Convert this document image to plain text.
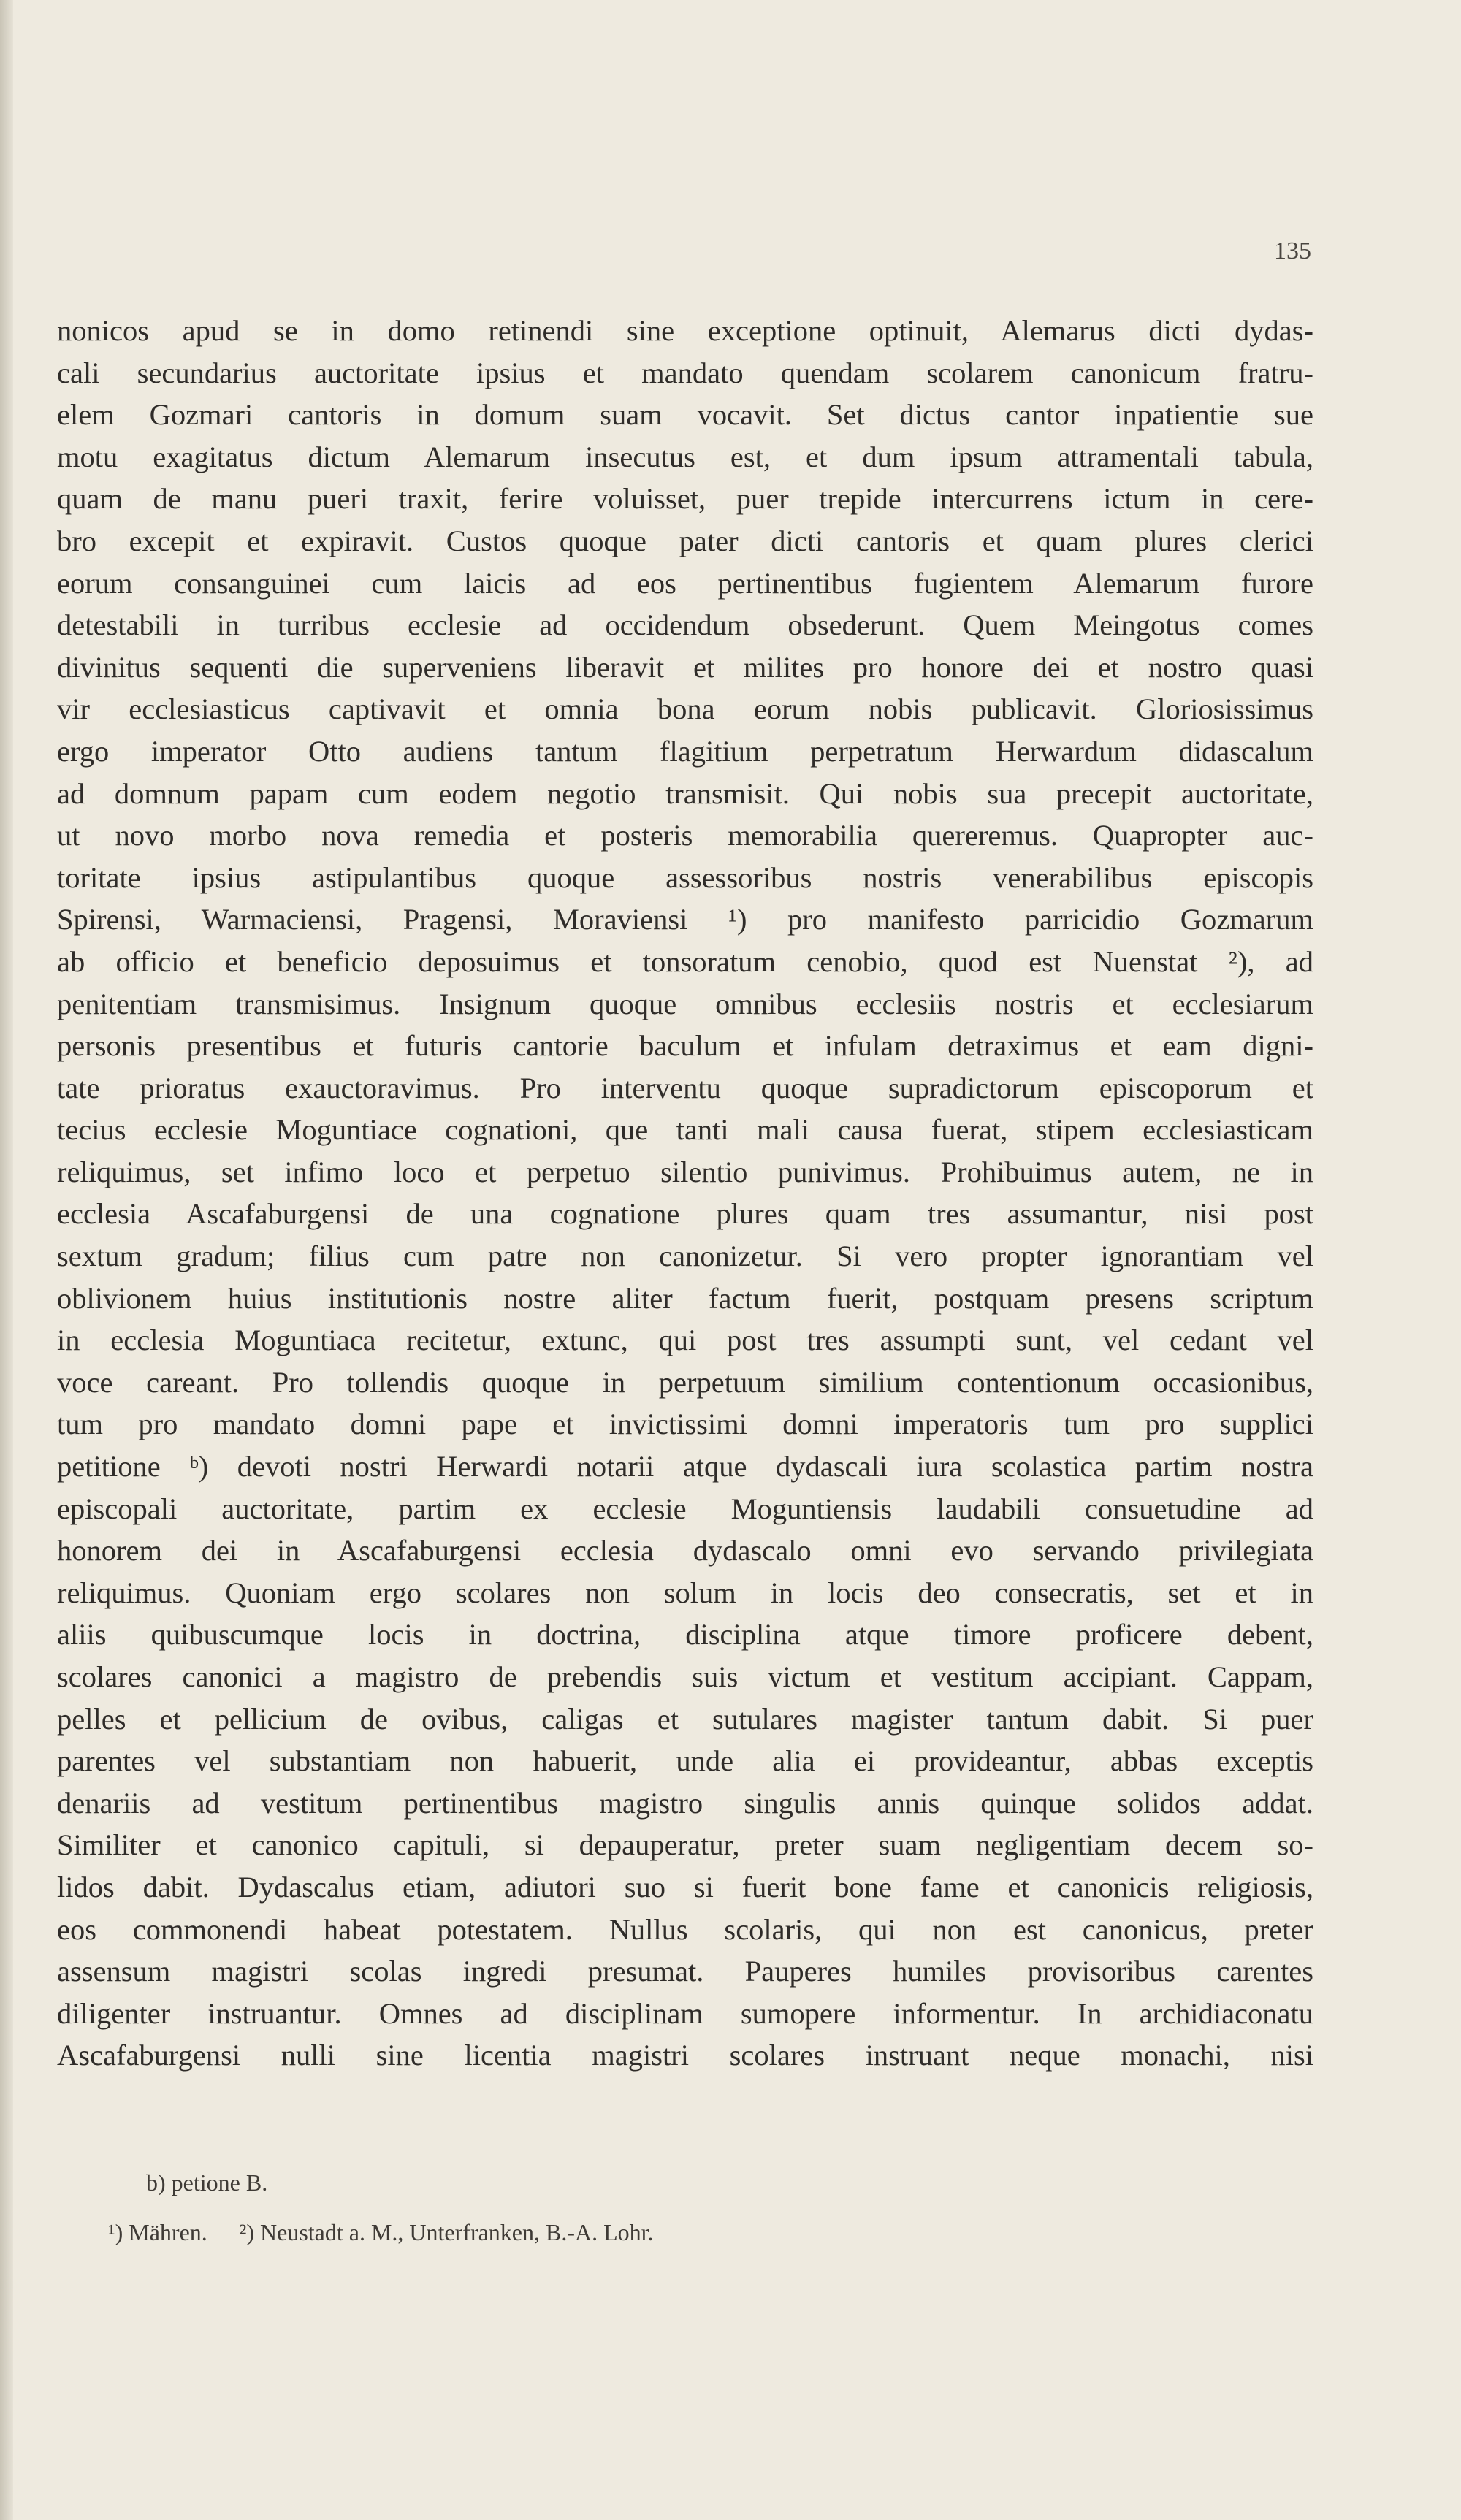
135
nonicos apud se in domo retinendi sine exceptione optinuit, Alemarus dicti dydas-
cali secundarius auctoritate ipsius et mandato quendam scolarem canonicum fratru-
elem Gozmari cantoris in domum suam vocavit. Set dictus cantor inpatientie sue
motu exagitatus dictum Alemarum insecutus est, et dum ipsum attramentali tabula,
quam de manu pueri traxit, ferire voluisset, puer trepide intercurrens ictum in cere-
bro excepit et expiravit. Custos quoque pater dicti cantoris et quam plures clerici
eorum consanguinei cum laicis ad eos pertinentibus fugientem Alemarum furore
detestabili in turribus ecclesie ad occidendum obsederunt. Quem Meingotus comes
divinitus sequenti die superveniens liberavit et milites pro honore dei et nostro quasi
vir ecclesiasticus captivavit et omnia bona eorum nobis publicavit. Gloriosissimus
ergo imperator Otto audiens tantum flagitium perpetratum Herwardum didascalum
ad domnum papam cum eodem negotio transmisit. Qui nobis sua precepit auctoritate,
ut novo morbo nova remedia et posteris memorabilia quereremus. Quapropter auc-
toritate ipsius astipulantibus quoque assessoribus nostris venerabilibus episcopis
Spirensi, Warmaciensi, Pragensi, Moraviensi ¹) pro manifesto parricidio Gozmarum
ab officio et beneficio deposuimus et tonsoratum cenobio, quod est Nuenstat ²), ad
penitentiam transmisimus. Insignum quoque omnibus ecclesiis nostris et ecclesiarum
personis presentibus et futuris cantorie baculum et infulam detraximus et eam digni-
tate prioratus exauctoravimus. Pro interventu quoque supradictorum episcoporum et
tecius ecclesie Moguntiace cognationi, que tanti mali causa fuerat, stipem ecclesiasticam
reliquimus, set infimo loco et perpetuo silentio punivimus. Prohibuimus autem, ne in
ecclesia Ascafaburgensi de una cognatione plures quam tres assumantur, nisi post
sextum gradum; filius cum patre non canonizetur. Si vero propter ignorantiam vel
oblivionem huius institutionis nostre aliter factum fuerit, postquam presens scriptum
in ecclesia Moguntiaca recitetur, extunc, qui post tres assumpti sunt, vel cedant vel
voce careant. Pro tollendis quoque in perpetuum similium contentionum occasionibus,
tum pro mandato domni pape et invictissimi domni imperatoris tum pro supplici
petitione ᵇ) devoti nostri Herwardi notarii atque dydascali iura scolastica partim nostra
episcopali auctoritate, partim ex ecclesie Moguntiensis laudabili consuetudine ad
honorem dei in Ascafaburgensi ecclesia dydascalo omni evo servando privilegiata
reliquimus. Quoniam ergo scolares non solum in locis deo consecratis, set et in
aliis quibuscumque locis in doctrina, disciplina atque timore proficere debent,
scolares canonici a magistro de prebendis suis victum et vestitum accipiant. Cappam,
pelles et pellicium de ovibus, caligas et sutulares magister tantum dabit. Si puer
parentes vel substantiam non habuerit, unde alia ei provideantur, abbas exceptis
denariis ad vestitum pertinentibus magistro singulis annis quinque solidos addat.
Similiter et canonico capituli, si depauperatur, preter suam negligentiam decem so-
lidos dabit. Dydascalus etiam, adiutori suo si fuerit bone fame et canonicis religiosis,
eos commonendi habeat potestatem. Nullus scolaris, qui non est canonicus, preter
assensum magistri scolas ingredi presumat. Pauperes humiles provisoribus carentes
diligenter instruantur. Omnes ad disciplinam sumopere informentur. In archidiaconatu
Ascafaburgensi nulli sine licentia magistri scolares instruant neque monachi, nisi
b) petione B.
¹) Mähren. ²) Neustadt a. M., Unterfranken, B.-A. Lohr.
